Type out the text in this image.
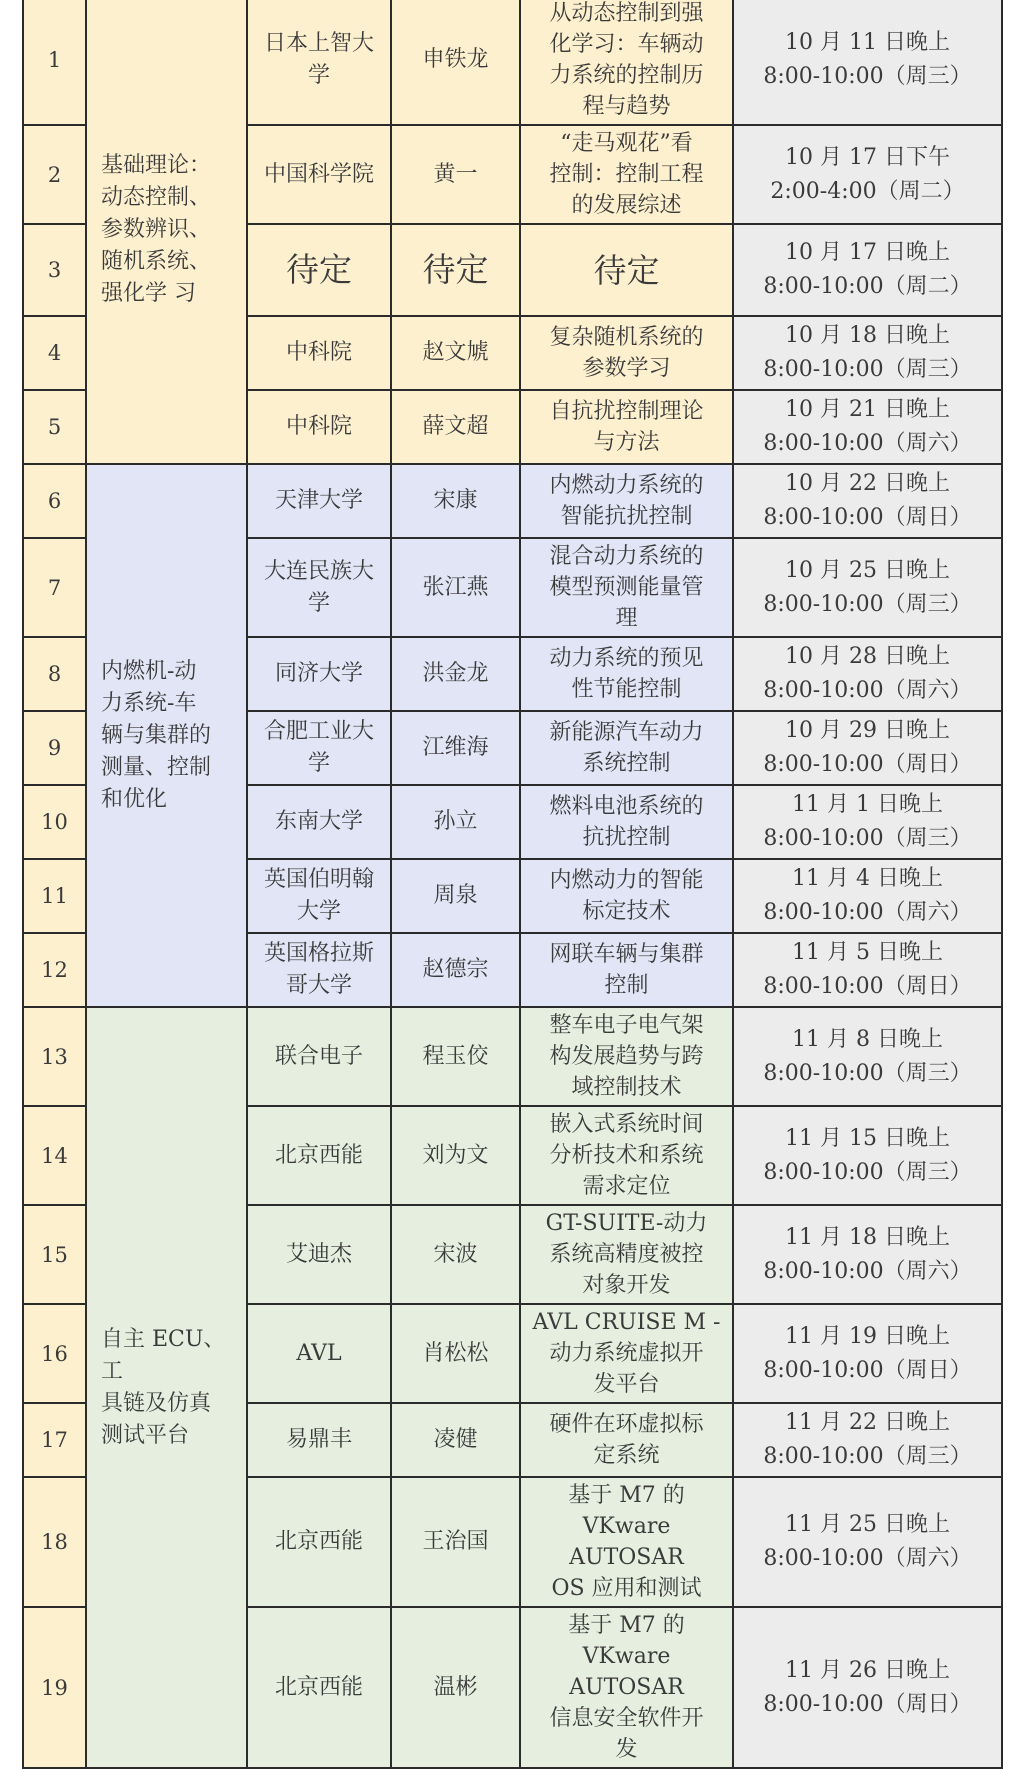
1	基础理论：
动态控制、
参数辨识、
随机系统、
强化学 习	日本上智大
学	申铁龙	从动态控制到强
化学习：车辆动
力系统的控制历
程与趋势	10 月 11 日晚上
8:00-10:00（周三）
2		中国科学院	黄一	“走马观花”看
控制：控制工程
的发展综述	10 月 17 日下午
2:00-4:00（周二）
3		待定	待定	待定	10 月 17 日晚上
8:00-10:00（周二）
4		中科院	赵文虓	复杂随机系统的
参数学习	10 月 18 日晚上
8:00-10:00（周三）
5		中科院	薛文超	自抗扰控制理论
与方法	10 月 21 日晚上
8:00-10:00（周六）
6	内燃机-动
力系统-车
辆与集群的
测量、控制
和优化	天津大学	宋康	内燃动力系统的
智能抗扰控制	10 月 22 日晚上
8:00-10:00（周日）
7		大连民族大
学	张江燕	混合动力系统的
模型预测能量管
理	10 月 25 日晚上
8:00-10:00（周三）
8		同济大学	洪金龙	动力系统的预见
性节能控制	10 月 28 日晚上
8:00-10:00（周六）
9		合肥工业大
学	江维海	新能源汽车动力
系统控制	10 月 29 日晚上
8:00-10:00（周日）
10		东南大学	孙立	燃料电池系统的
抗扰控制	11 月 1 日晚上
8:00-10:00（周三）
11		英国伯明翰
大学	周泉	内燃动力的智能
标定技术	11 月 4 日晚上
8:00-10:00（周六）
12		英国格拉斯
哥大学	赵德宗	网联车辆与集群
控制	11 月 5 日晚上
8:00-10:00（周日）
13	自主 ECU、工
具链及仿真
测试平台	联合电子	程玉佼	整车电子电气架
构发展趋势与跨
域控制技术	11 月 8 日晚上
8:00-10:00（周三）
14		北京西能	刘为文	嵌入式系统时间
分析技术和系统
需求定位	11 月 15 日晚上
8:00-10:00（周三）
15		艾迪杰	宋波	GT-SUITE-动力
系统高精度被控
对象开发	11 月 18 日晚上
8:00-10:00（周六）
16		AVL	肖松松	AVL CRUISE M -
动力系统虚拟开
发平台	11 月 19 日晚上
8:00-10:00（周日）
17		易鼎丰	凌健	硬件在环虚拟标
定系统	11 月 22 日晚上
8:00-10:00（周三）
18		北京西能	王治国	基于 M7 的
VKware AUTOSAR
OS 应用和测试	11 月 25 日晚上
8:00-10:00（周六）
19		北京西能	温彬	基于 M7 的
VKware AUTOSAR
信息安全软件开
发	11 月 26 日晚上
8:00-10:00（周日）
